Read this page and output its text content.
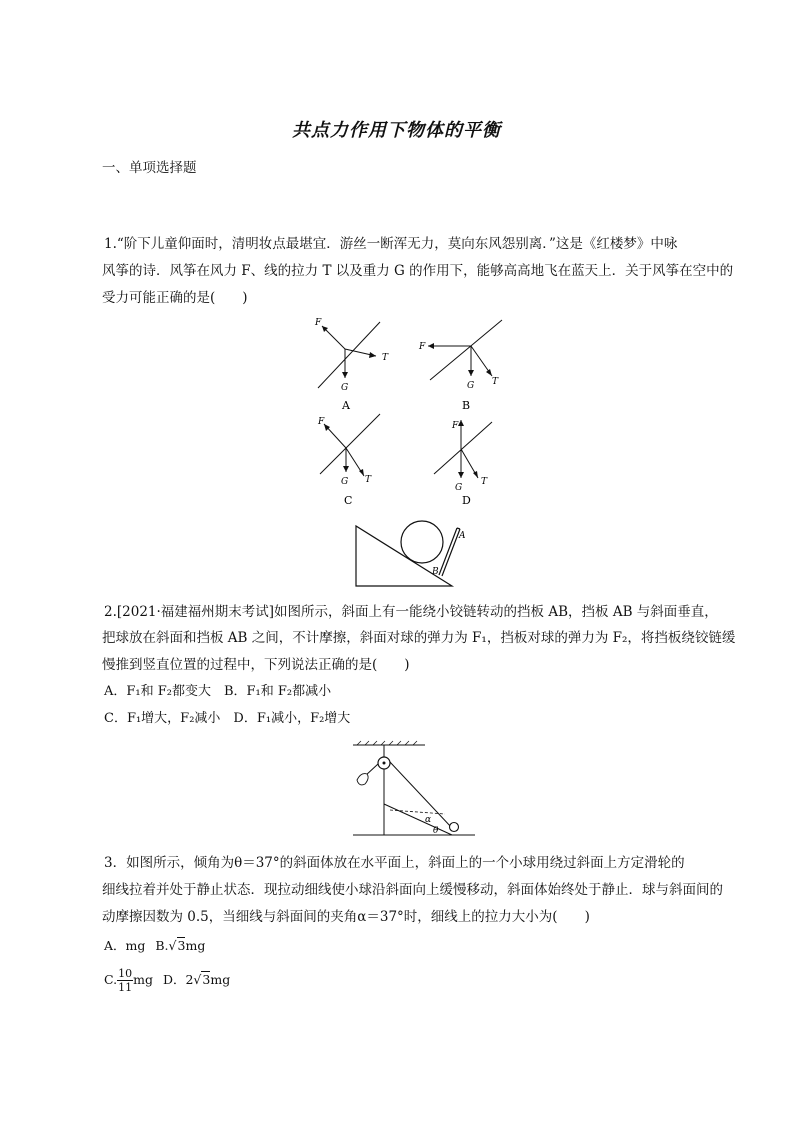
共点力作用下物体的平衡
一、单项选择题
1.“阶下儿童仰面时，清明妆点最堪宜．游丝一断浑无力，莫向东风怨别离．”这是《红楼梦》中咏
风筝的诗．风筝在风力 F、线的拉力 T 以及重力 G 的作用下，能够高高地飞在蓝天上．关于风筝在空中的
受力可能正确的是(　　)
F
T
G
A
F
T
G
B
F
T
G
C
F
T
G
D
A
B
2.[2021·福建福州期末考试]如图所示，斜面上有一能绕小铰链转动的挡板 AB，挡板 AB 与斜面垂直，
把球放在斜面和挡板 AB 之间，不计摩擦，斜面对球的弹力为 F₁，挡板对球的弹力为 F₂，将挡板绕铰链缓
慢推到竖直位置的过程中，下列说法正确的是(　　)
A．F₁和 F₂都变大　B．F₁和 F₂都减小
C．F₁增大，F₂减小　D．F₁减小，F₂增大
α
θ
3．如图所示，倾角为θ＝37°的斜面体放在水平面上，斜面上的一个小球用绕过斜面上方定滑轮的
细线拉着并处于静止状态．现拉动细线使小球沿斜面向上缓慢移动，斜面体始终处于静止．球与斜面间的
动摩擦因数为 0.5，当细线与斜面间的夹角α＝37°时，细线上的拉力大小为(　　)
A．mg B.√3mg
C. $\frac{10}{11}$ mg D．2√3mg
